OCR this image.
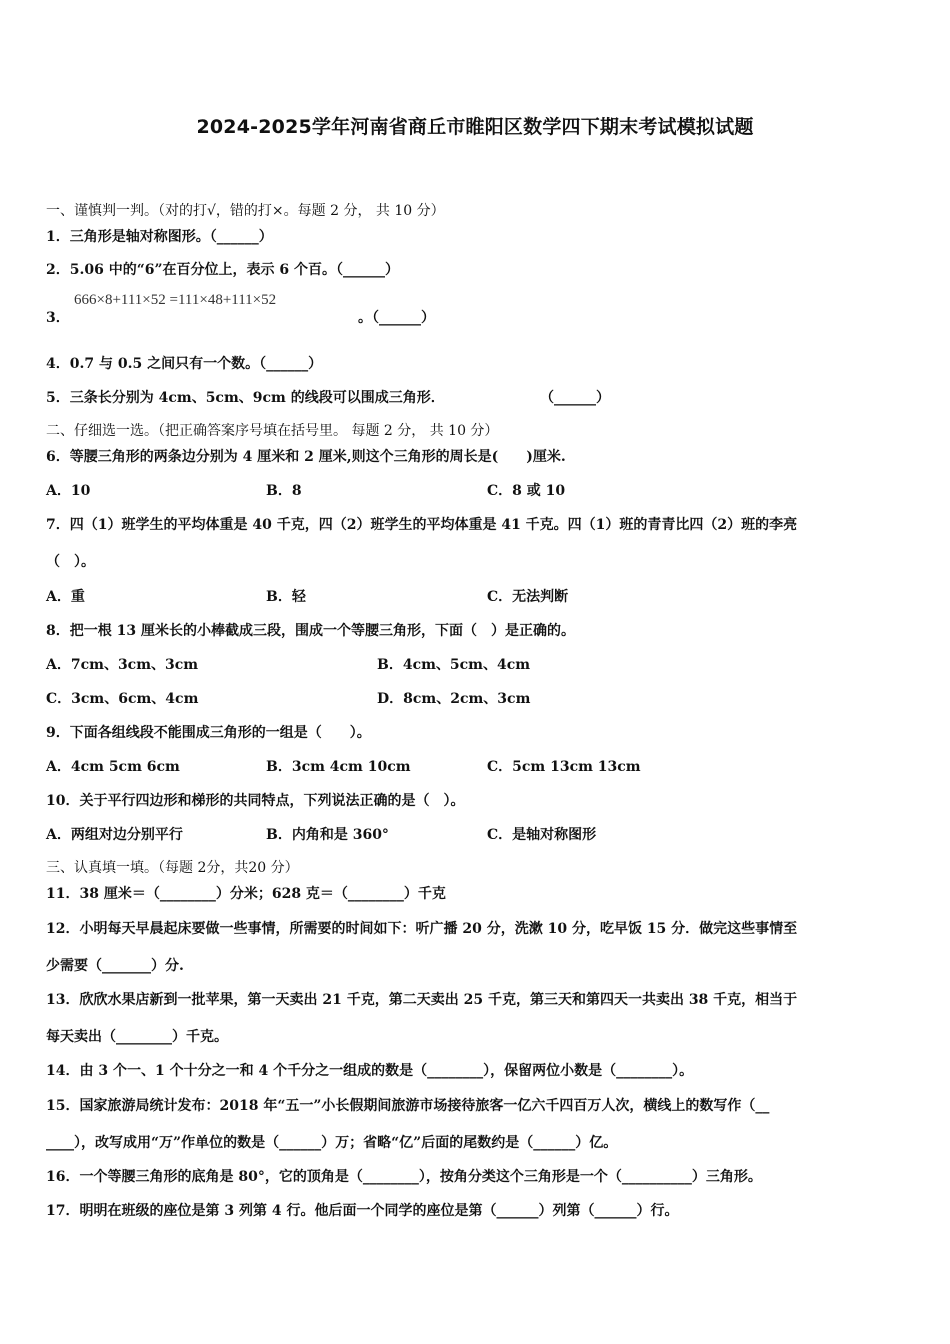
2024-2025学年河南省商丘市睢阳区数学四下期末考试模拟试题
一、谨慎判一判。（对的打√，错的打×。每题 2 分， 共 10 分）
1．三角形是轴对称图形。（______）
2．5.06 中的“6”在百分位上，表示 6 个百。（______）
3．
666×8+111×52 =111×48+111×52
。（______）
4．0.7 与 0.5 之间只有一个数。（______）
5．三条长分别为 4cm、5cm、9cm 的线段可以围成三角形．	（______）
二、仔细选一选。（把正确答案序号填在括号里。 每题 2 分， 共 10 分）
6．等腰三角形的两条边分别为 4 厘米和 2 厘米,则这个三角形的周长是(　　)厘米.
A．10	B．8	C．8 或 10
7．四（1）班学生的平均体重是 40 千克，四（2）班学生的平均体重是 41 千克。四（1）班的青青比四（2）班的李亮
（　）。
A．重	B．轻	C．无法判断
8．把一根 13 厘米长的小棒截成三段，围成一个等腰三角形，下面（　）是正确的。
A．7cm、3cm、3cm	B．4cm、5cm、4cm
C．3cm、6cm、4cm	D．8cm、2cm、3cm
9．下面各组线段不能围成三角形的一组是（　　）。
A．4cm 5cm 6cm	B．3cm 4cm 10cm	C．5cm 13cm 13cm
10．关于平行四边形和梯形的共同特点，下列说法正确的是（　）。
A．两组对边分别平行	B．内角和是 360°	C．是轴对称图形
三、认真填一填。（每题 2分，共20 分）
11．38 厘米＝（________）分米；628 克＝（________）千克
12．小明每天早晨起床要做一些事情，所需要的时间如下：听广播 20 分，洗漱 10 分，吃早饭 15 分．做完这些事情至
少需要（_______）分.
13．欣欣水果店新到一批苹果，第一天卖出 21 千克，第二天卖出 25 千克，第三天和第四天一共卖出 38 千克，相当于
每天卖出（________）千克。
14．由 3 个一、1 个十分之一和 4 个千分之一组成的数是（________），保留两位小数是（________）。
15．国家旅游局统计发布：2018 年“五一”小长假期间旅游市场接待旅客一亿六千四百万人次，横线上的数写作（__
____），改写成用“万”作单位的数是（______）万；省略“亿”后面的尾数约是（______）亿。
16．一个等腰三角形的底角是 80°，它的顶角是（________），按角分类这个三角形是一个（__________）三角形。
17．明明在班级的座位是第 3 列第 4 行。他后面一个同学的座位是第（______）列第（______）行。
